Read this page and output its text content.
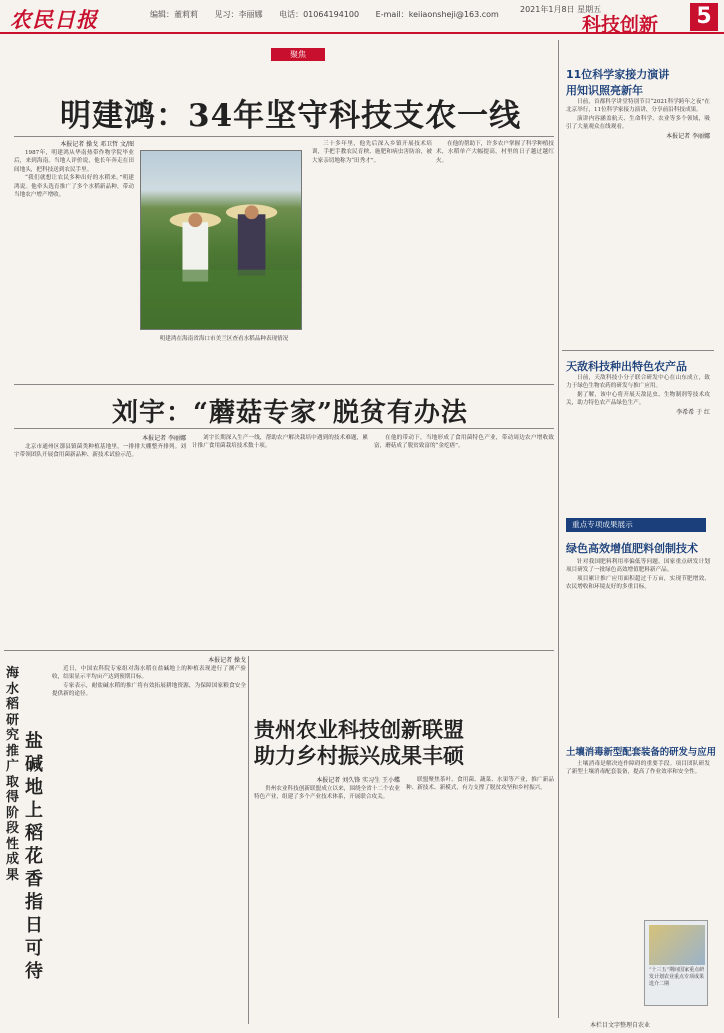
农民日报	编辑：董莉莉 见习：李丽娜 电话：01064194100 E-mail：keiiaonsheji@163.com
2021年1月8日 星期五
科技创新 5
聚焦
明建鸿：34年坚守科技支农一线
本报记者 操戈 邓卫哲 文/图

1987年，明建鸿从华南热带作物学院毕业后，来到海南。当地人评价说，他长年奔走在田间地头，把科技送到农民手里。

“我们就想让农民多种出好的水稻来。”明建鸿说。他牵头选育推广了多个水稻新品种，带动当地农户增产增收。

明建鸿在海南省海口市美兰区查看水稻品种表现情况

三十多年里，他先后深入乡镇开展技术培训，手把手教农民育秧、施肥和病虫害防治，被大家亲切地称为“田秀才”。

在他的帮助下，许多农户掌握了科学种植技术，水稻单产大幅提高，村里的日子越过越红火。

刘宇：“蘑菇专家”脱贫有办法
本报记者 李丽娜

北京市通州区漷县镇菌类种植基地里，一排排大棚整齐排列。刘宇带领团队开展食用菌新品种、新技术试验示范。

刘宇长期深入生产一线，帮助农户解决栽培中遇到的技术难题，累计推广食用菌栽培技术数十项。

在他的带动下，当地形成了食用菌特色产业，带动周边农户增收致富，蘑菇成了脱贫致富的“金疙瘩”。

海水稻研究推广取得阶段性成果
盐碱地上稻花香指日可待
本报记者 操戈

近日，中国农科院专家组对海水稻在盐碱地上的种植表现进行了测产验收，结果显示平均亩产达到预期目标。

专家表示，耐盐碱水稻的推广将有效拓展耕地资源，为保障国家粮食安全提供新的途径。

贵州农业科技创新联盟
助力乡村振兴成果丰硕
本报记者 刘久锋 实习生 王小蝶

贵州农业科技创新联盟成立以来，围绕全省十二个农业特色产业，组建了多个产业技术体系，开展联合攻关。

联盟聚焦茶叶、食用菌、蔬菜、水果等产业，推广新品种、新技术、新模式，有力支撑了脱贫攻坚和乡村振兴。

11位科学家接力演讲
用知识照亮新年

日前，首都科学讲堂特别节目“2021科学跨年之夜”在北京举行，11位科学家接力演讲，分享前沿科技成果。

演讲内容涵盖航天、生命科学、农业等多个领域，吸引了大量观众在线观看。

本报记者 李丽娜
天敌科技种出特色农产品

日前，天敌科技小分子联合研发中心在山东成立，致力于绿色生物农药的研发与推广应用。

据了解，该中心将开展天敌昆虫、生物制剂等技术攻关，助力特色农产品绿色生产。

李希希 于 红
重点专项成果展示
绿色高效增值肥料创制技术

针对我国肥料利用率偏低等问题，国家重点研发计划项目研发了一批绿色高效增值肥料新产品。

项目累计推广应用面积超过千万亩，实现节肥增效、农民增收和环境友好的多重目标。

土壤消毒新型配套装备的研发与应用

土壤消毒是解决连作障碍的重要手段。项目团队研发了新型土壤消毒配套装备，提高了作业效率和安全性。

“十三五”期间国家重点研发计划农业重点专项成果选介二期
本栏目文字整理自农业
